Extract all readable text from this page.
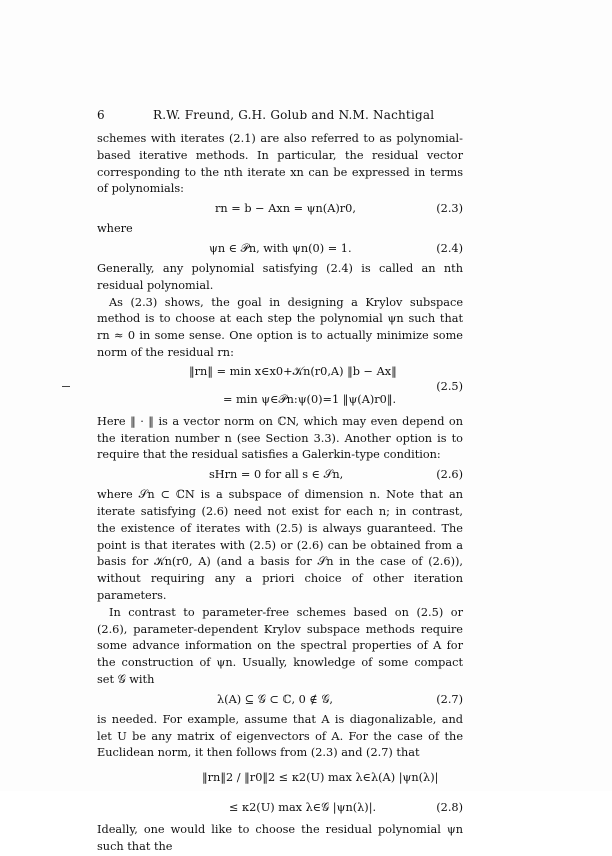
6	R.W. Freund, G.H. Golub and N.M. Nachtigal

schemes with iterates (2.1) are also referred to as polynomial-based iterative methods. In particular, the residual vector corresponding to the nth iterate xn can be expressed in terms of polynomials:

rn = b − Axn = ψn(A)r0,	(2.3)

where

ψn ∈ 𝒫n, with ψn(0) = 1.	(2.4)

Generally, any polynomial satisfying (2.4) is called an nth residual polynomial.

As (2.3) shows, the goal in designing a Krylov subspace method is to choose at each step the polynomial ψn such that rn ≈ 0 in some sense. One option is to actually minimize some norm of the residual rn:

‖rn‖ = min x∈x0+𝒦n(r0,A) ‖b − Ax‖
= min ψ∈𝒫n:ψ(0)=1 ‖ψ(A)r0‖.
(2.5)

Here ‖ · ‖ is a vector norm on ℂN, which may even depend on the iteration number n (see Section 3.3). Another option is to require that the residual satisfies a Galerkin-type condition:

sHrn = 0 for all s ∈ 𝒮n,	(2.6)

where 𝒮n ⊂ ℂN is a subspace of dimension n. Note that an iterate satisfying (2.6) need not exist for each n; in contrast, the existence of iterates with (2.5) is always guaranteed. The point is that iterates with (2.5) or (2.6) can be obtained from a basis for 𝒦n(r0, A) (and a basis for 𝒮n in the case of (2.6)), without requiring any a priori choice of other iteration parameters.

In contrast to parameter-free schemes based on (2.5) or (2.6), parameter-dependent Krylov subspace methods require some advance information on the spectral properties of A for the construction of ψn. Usually, knowledge of some compact set 𝒢 with

λ(A) ⊆ 𝒢 ⊂ ℂ, 0 ∉ 𝒢,	(2.7)

is needed. For example, assume that A is diagonalizable, and let U be any matrix of eigenvectors of A. For the case of the Euclidean norm, it then follows from (2.3) and (2.7) that

‖rn‖2 / ‖r0‖2 ≤ κ2(U) max λ∈λ(A) |ψn(λ)|
≤ κ2(U) max λ∈𝒢 |ψn(λ)|.	(2.8)

Ideally, one would like to choose the residual polynomial ψn such that the
